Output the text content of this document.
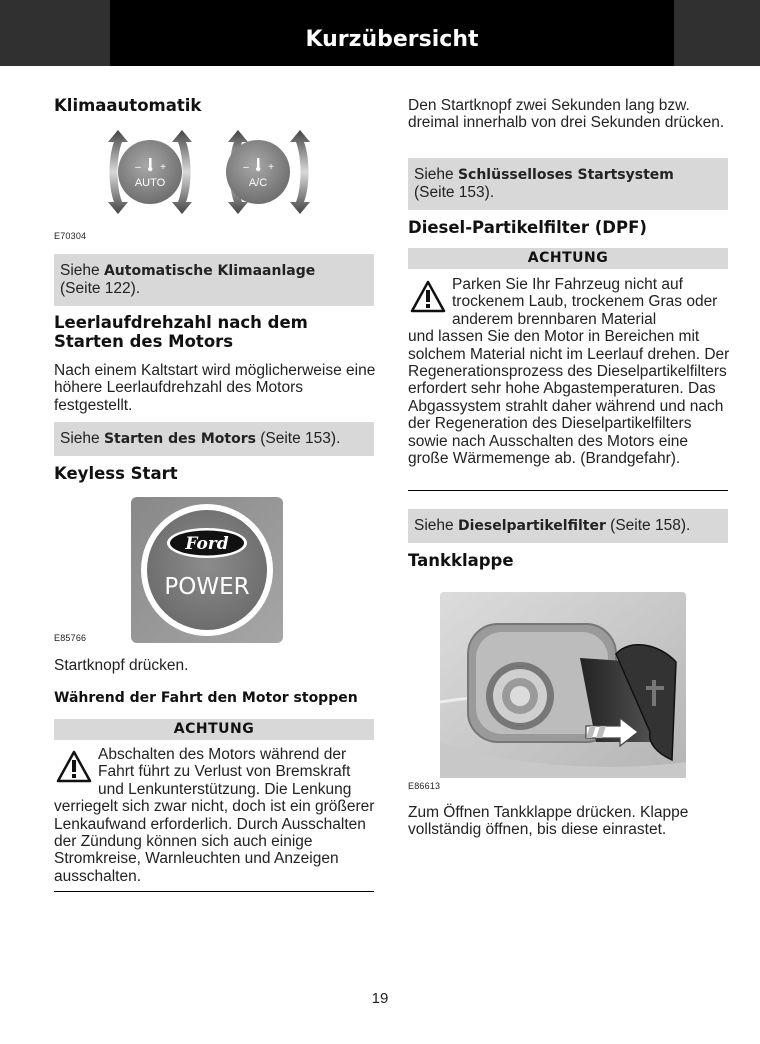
Kurzübersicht
Klimaautomatik
AUTO
– +
A/C
– +
E70304
Siehe Automatische Klimaanlage
(Seite 122).
Leerlaufdrehzahl nach dem Starten des Motors
Nach einem Kaltstart wird möglicherweise eine höhere Leerlaufdrehzahl des Motors festgestellt.
Siehe Starten des Motors (Seite 153).
Keyless Start
Ford
POWER
E85766
Startknopf drücken.
Während der Fahrt den Motor stoppen
ACHTUNG
Abschalten des Motors während der Fahrt führt zu Verlust von Bremskraft und Lenkunterstützung. Die Lenkung
verriegelt sich zwar nicht, doch ist ein größerer Lenkaufwand erforderlich. Durch Ausschalten der Zündung können sich auch einige Stromkreise, Warnleuchten und Anzeigen ausschalten.
Den Startknopf zwei Sekunden lang bzw. dreimal innerhalb von drei Sekunden drücken.
Siehe Schlüsselloses Startsystem
(Seite 153).
Diesel-Partikelfilter (DPF)
ACHTUNG
Parken Sie Ihr Fahrzeug nicht auf trockenem Laub, trockenem Gras oder anderem brennbaren Material
und lassen Sie den Motor in Bereichen mit solchem Material nicht im Leerlauf drehen. Der Regenerationsprozess des Dieselpartikelfilters erfordert sehr hohe Abgastemperaturen. Das Abgassystem strahlt daher während und nach der Regeneration des Dieselpartikelfilters sowie nach Ausschalten des Motors eine große Wärmemenge ab. (Brandgefahr).
Siehe Dieselpartikelfilter (Seite 158).
Tankklappe
E86613
Zum Öffnen Tankklappe drücken. Klappe vollständig öffnen, bis diese einrastet.
19
